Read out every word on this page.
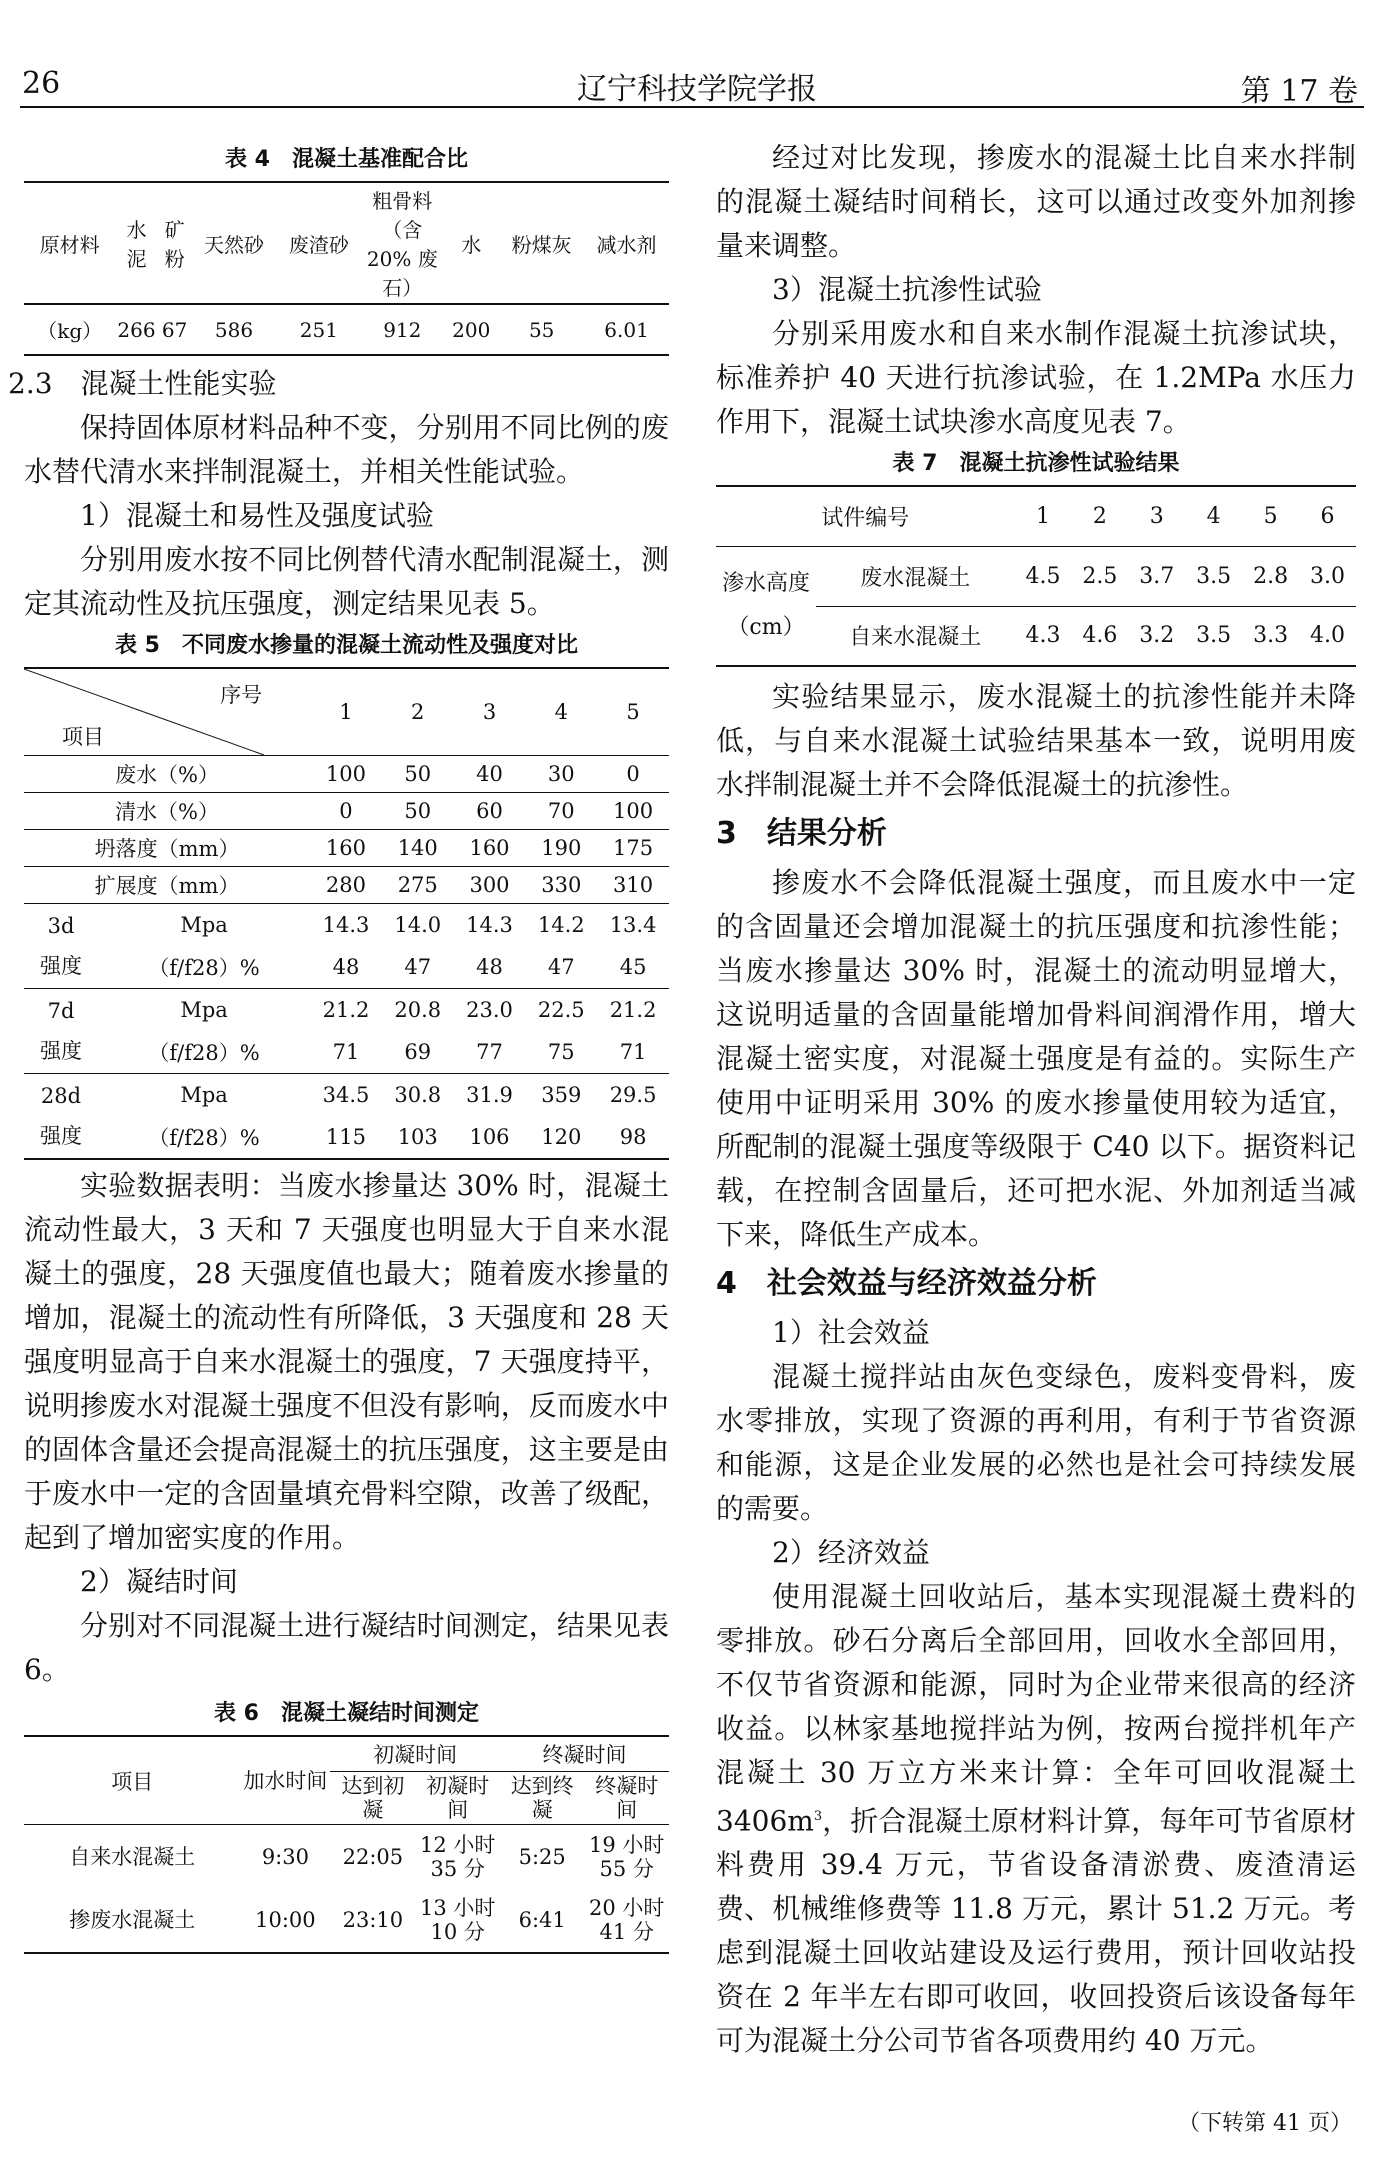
26	辽宁科技学院学报	第 17 卷
表 4　混凝土基准配合比
原材料	水泥	矿粉	天然砂	废渣砂	粗骨料（含 20% 废石）	水	粉煤灰	减水剂
（kg）	266	67	586	251	912	200	55	6.01

2.3　混凝土性能实验

保持固体原材料品种不变，分别用不同比例的废水替代清水来拌制混凝土，并相关性能试验。

1）混凝土和易性及强度试验

分别用废水按不同比例替代清水配制混凝土，测定其流动性及抗压强度，测定结果见表 5。

表 5　不同废水掺量的混凝土流动性及强度对比
序号
项目		1	2	3	4	5
废水（%）		100	50	40	30	0
清水（%）		0	50	60	70	100
坍落度（mm）		160	140	160	190	175
扩展度（mm）		280	275	300	330	310

3d
强度	Mpa	14.3	14.0	14.3	14.2	13.4
	（f/f28）%	48	47	48	47	45

7d
强度	Mpa	21.2	20.8	23.0	22.5	21.2
	（f/f28）%	71	69	77	75	71

28d
强度	Mpa	34.5	30.8	31.9	359	29.5
	（f/f28）%	115	103	106	120	98

实验数据表明：当废水掺量达 30% 时，混凝土流动性最大，3 天和 7 天强度也明显大于自来水混凝土的强度，28 天强度值也最大；随着废水掺量的增加，混凝土的流动性有所降低，3 天强度和 28 天强度明显高于自来水混凝土的强度，7 天强度持平，说明掺废水对混凝土强度不但没有影响，反而废水中的固体含量还会提高混凝土的抗压强度，这主要是由于废水中一定的含固量填充骨料空隙，改善了级配，起到了增加密实度的作用。

2）凝结时间

分别对不同混凝土进行凝结时间测定，结果见表 6。

表 6　混凝土凝结时间测定
项目	加水时间	初凝时间		终凝时间	
		达到初凝	初凝时间	达到终凝	终凝时间
自来水混凝土	9:30	22:05	12 小时 35 分	5:25	19 小时 55 分
掺废水混凝土	10:00	23:10	13 小时 10 分	6:41	20 小时 41 分

经过对比发现，掺废水的混凝土比自来水拌制的混凝土凝结时间稍长，这可以通过改变外加剂掺量来调整。

3）混凝土抗渗性试验

分别采用废水和自来水制作混凝土抗渗试块，标准养护 40 天进行抗渗试验，在 1.2MPa 水压力作用下，混凝土试块渗水高度见表 7。

表 7　混凝土抗渗性试验结果
试件编号		1	2	3	4	5	6

渗水高度
（cm）	废水混凝土	4.5	2.5	3.7	3.5	2.8	3.0
	自来水混凝土	4.3	4.6	3.2	3.5	3.3	4.0

实验结果显示，废水混凝土的抗渗性能并未降低，与自来水混凝土试验结果基本一致，说明用废水拌制混凝土并不会降低混凝土的抗渗性。

3　结果分析

掺废水不会降低混凝土强度，而且废水中一定的含固量还会增加混凝土的抗压强度和抗渗性能；当废水掺量达 30% 时，混凝土的流动明显增大，这说明适量的含固量能增加骨料间润滑作用，增大混凝土密实度，对混凝土强度是有益的。实际生产使用中证明采用 30% 的废水掺量使用较为适宜，所配制的混凝土强度等级限于 C40 以下。据资料记载，在控制含固量后，还可把水泥、外加剂适当减下来，降低生产成本。

4　社会效益与经济效益分析

1）社会效益

混凝土搅拌站由灰色变绿色，废料变骨料，废水零排放，实现了资源的再利用，有利于节省资源和能源，这是企业发展的必然也是社会可持续发展的需要。

2）经济效益

使用混凝土回收站后，基本实现混凝土费料的零排放。砂石分离后全部回用，回收水全部回用，不仅节省资源和能源，同时为企业带来很高的经济收益。以林家基地搅拌站为例，按两台搅拌机年产混凝土 30 万立方米来计算：全年可回收混凝土 $3406m^3$，折合混凝土原材料计算，每年可节省原材料费用 39.4 万元，节省设备清淤费、废渣清运费、机械维修费等 11.8 万元，累计 51.2 万元。考虑到混凝土回收站建设及运行费用，预计回收站投资在 2 年半左右即可收回，收回投资后该设备每年可为混凝土分公司节省各项费用约 40 万元。

（下转第 41 页）
